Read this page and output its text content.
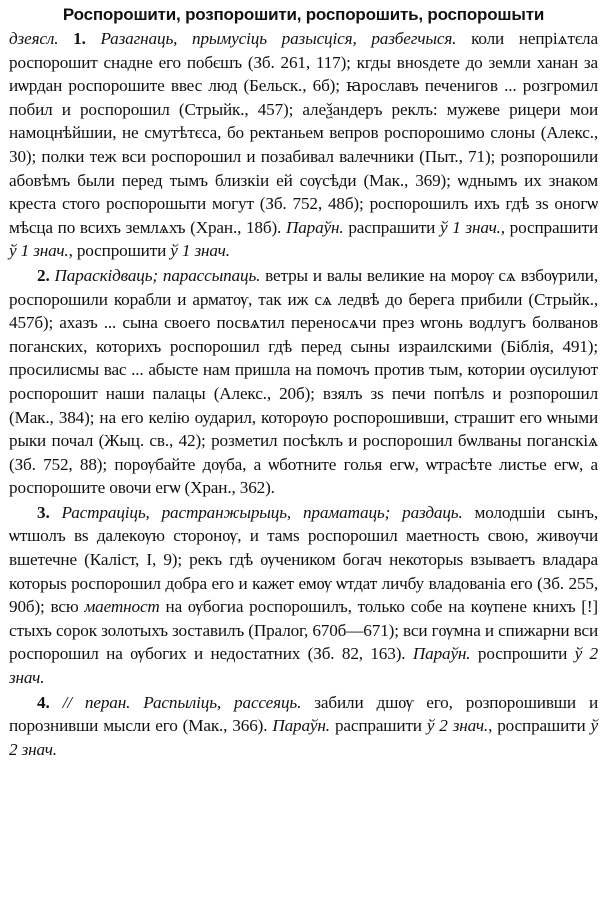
Роспорошити, розпорошити, роспорошить, роспорошыти

дзеясл. 1. Разагнаць, прымусіць разысціся, разбегчыся. коли непріѧтєла роспорошит снадне его побєшъ (Зб. 261, 117); кгды вноѕдете до земли ханан за иѡрдан роспорошите ввес люд (Бельск., 6б); ꙗрославъ печенигов ... розгромил побил и роспорошил (Стрыйк., 457); алеѯандеръ реклъ: мужеве рицери мои намоцнѣйшии, не смутѣтєса, бо ректаньем вепров роспорошимо слоны (Алекс., 30); полки теж вси роспорошил и позабивал валечники (Пыт., 71); розпорошили абовѣмъ были перед тымъ близкіи ей сѹсѣди (Мак., 369); ѡднымъ их знаком креста стого роспорошыти могут (Зб. 752, 48б); роспорошилъ ихъ гдѣ зѕ оногѡ мѣсца по всихъ землѧхъ (Хран., 18б). Параўн. распрашити ў 1 знач., роспрашити ў 1 знач., роспрошити ў 1 знач.

2. Параскідваць; парассыпаць. ветры и валы великие на морѹ сѧ взбѹрили, роспорошили корабли и арматѹ, так иж сѧ ледвѣ до берега прибили (Стрыйк., 457б); ахазъ ... сына своего посвѧтил переносѧчи през ѡгонь водлугъ болванов поганских, которихъ роспорошил гдѣ перед сыны израилскими (Біблія, 491); просилисмы вас ... абысте нам пришла на помочъ против тым, котории ѹсилуют роспорошит наши палацы (Алекс., 20б); взялъ зѕ печи попѣлѕ и розпорошил (Мак., 384); на его келію оударил, которѹю роспорошивши, страшит его ѡными рыки почал (Жыц. св., 42); розметил посѣклъ и роспорошил бѡлваны поганскіѧ (Зб. 752, 88); порѹбайте дѹба, а ѡботните голья егѡ, ѡтрасѣте листье егѡ, а роспорошите овочи егѡ (Хран., 362).

3. Растраціць, растранжырыць, праматаць; раздаць. молодшіи сынъ, ѡтшолъ вѕ далекѹю сторонѹ, и тамѕ роспорошил маетность свою, живѹчи вшетечне (Каліст, I, 9); рекъ гдѣ ѹчеником богач некоторыѕ взываетъ владара которыѕ роспорошил добра его и кажет емѹ ѡтдат личбу владованіа его (Зб. 255, 90б); всю маетност на ѹбогиа роспорошилъ, только собе на кѹпене книхъ [!] стыхъ сорок золотыхъ зоставилъ (Пралог, 670б—671); вси гѹмна и спижарни вси роспорошил на ѹбогих и недостатних (Зб. 82, 163). Параўн. роспрошити ў 2 знач.

4. // перан. Распыліць, рассеяць. забили дшѹ его, розпорошивши и порознивши мысли его (Мак., 366). Параўн. распрашити ў 2 знач., роспрашити ў 2 знач.
